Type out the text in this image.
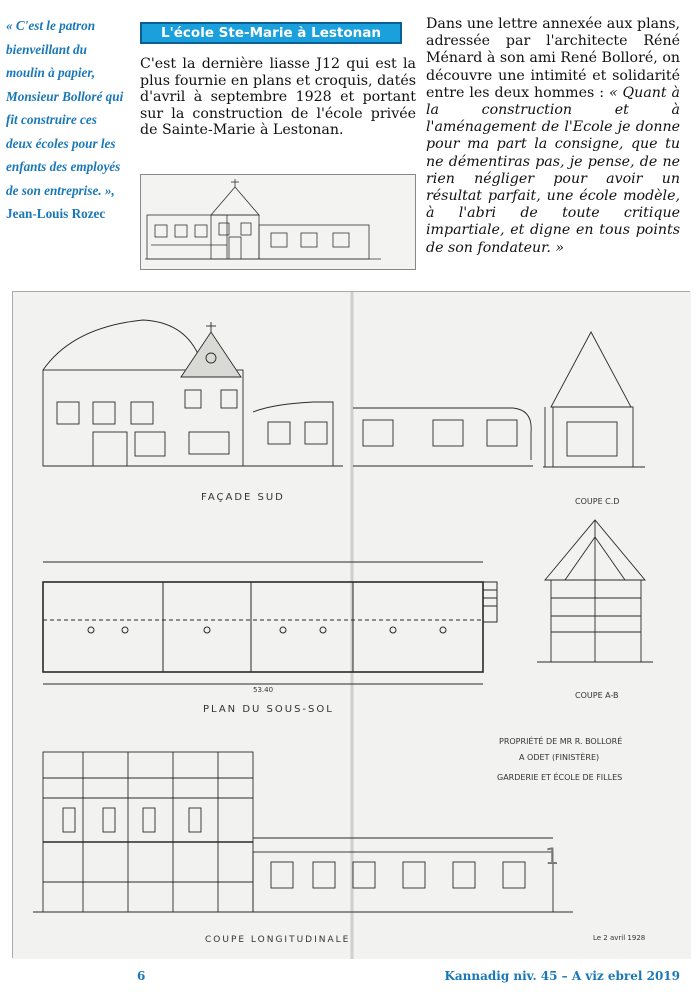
« C'est le patron bienveillant du moulin à papier, Monsieur Bolloré qui fit construire ces deux écoles pour les enfants des employés de son entreprise. », Jean-Louis Rozec
L'école Ste-Marie à Lestonan
C'est la dernière liasse J12 qui est la plus fournie en plans et croquis, datés d'avril à septembre 1928 et portant sur la construction de l'école privée de Sainte-Marie à Lestonan.
Dans une lettre annexée aux plans, adressée par l'architecte Réné Ménard à son ami René Bolloré, on découvre une intimité et solidarité entre les deux hommes : « Quant à la construction et à l'aménagement de l'Ecole je donne pour ma part la consigne, que tu ne démentiras pas, je pense, de ne rien négliger pour avoir un résultat parfait, une école modèle, à l'abri de toute critique impartiale, et digne en tous points de son fondateur. »
FAÇADE SUD	COUPE C.D
53.40
PLAN DU SOUS-SOL
COUPE A-B
PROPRIÉTÉ DE MR R. BOLLORÉ
A ODET (FINISTÈRE)
GARDERIE ET ÉCOLE DE FILLES
1
COUPE LONGITUDINALE	Le 2 avril 1928
6	Kannadig niv. 45 – A viz ebrel 2019
